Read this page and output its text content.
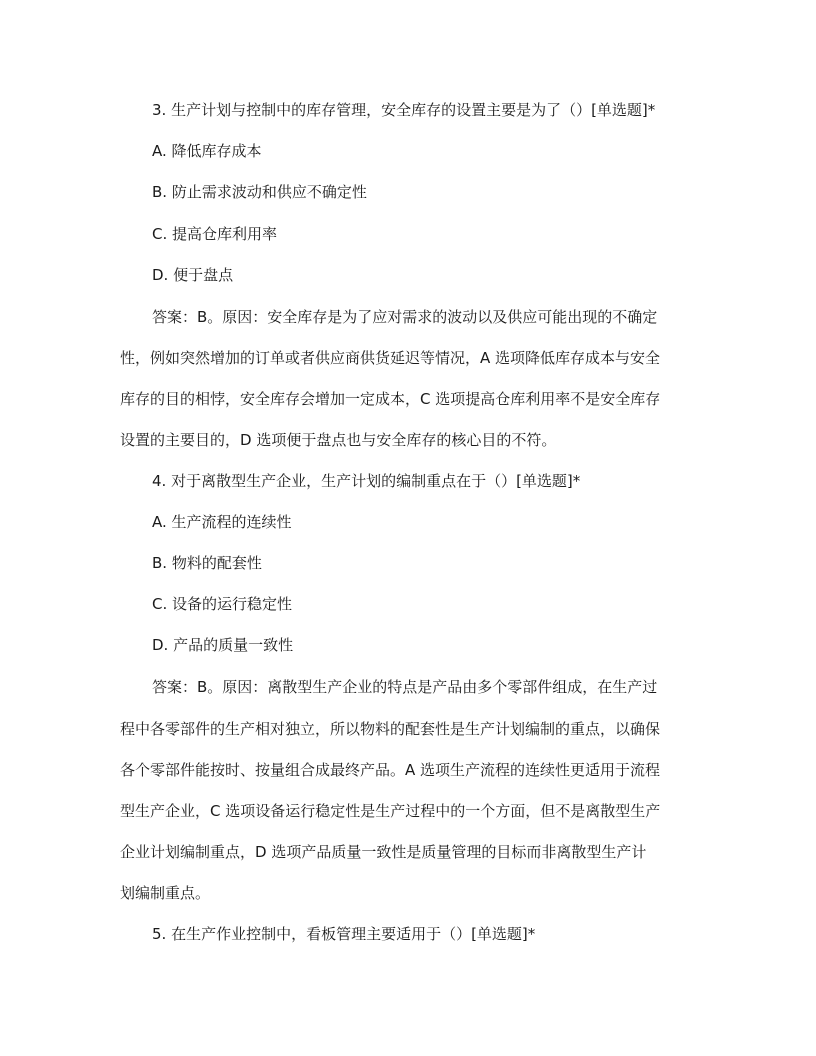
3. 生产计划与控制中的库存管理，安全库存的设置主要是为了（）[单选题]*
A. 降低库存成本
B. 防止需求波动和供应不确定性
C. 提高仓库利用率
D. 便于盘点
答案：B。原因：安全库存是为了应对需求的波动以及供应可能出现的不确定
性，例如突然增加的订单或者供应商供货延迟等情况，A 选项降低库存成本与安全
库存的目的相悖，安全库存会增加一定成本，C 选项提高仓库利用率不是安全库存
设置的主要目的，D 选项便于盘点也与安全库存的核心目的不符。
4. 对于离散型生产企业，生产计划的编制重点在于（）[单选题]*
A. 生产流程的连续性
B. 物料的配套性
C. 设备的运行稳定性
D. 产品的质量一致性
答案：B。原因：离散型生产企业的特点是产品由多个零部件组成，在生产过
程中各零部件的生产相对独立，所以物料的配套性是生产计划编制的重点，以确保
各个零部件能按时、按量组合成最终产品。A 选项生产流程的连续性更适用于流程
型生产企业，C 选项设备运行稳定性是生产过程中的一个方面，但不是离散型生产
企业计划编制重点，D 选项产品质量一致性是质量管理的目标而非离散型生产计
划编制重点。
5. 在生产作业控制中，看板管理主要适用于（）[单选题]*
